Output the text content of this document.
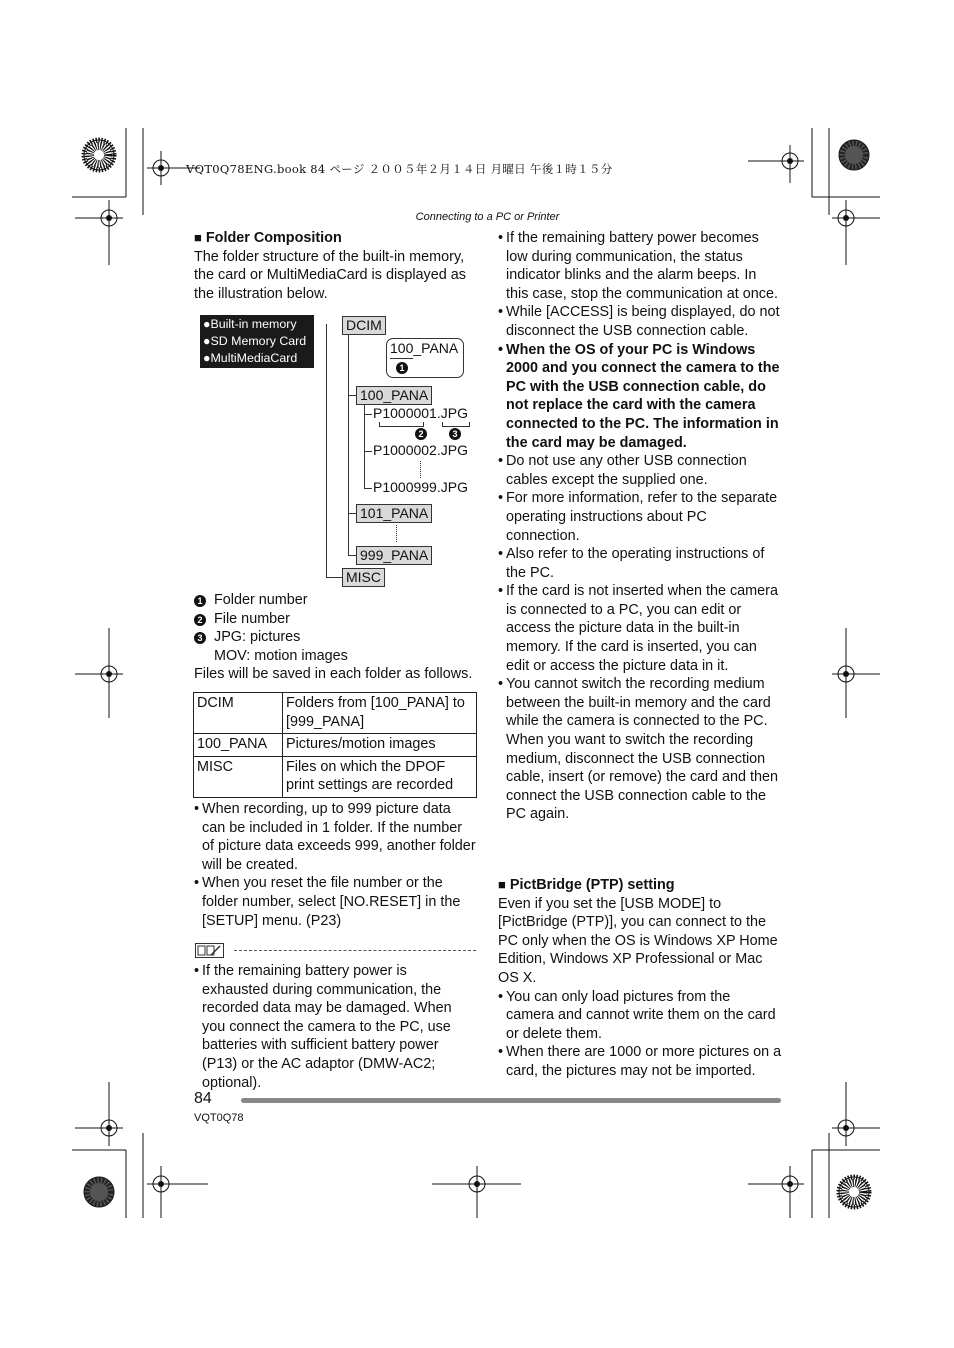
VQT0Q78ENG.book 84 ページ ２００５年２月１４日 月曜日 午後１時１５分
Connecting to a PC or Printer

■ Folder Composition

The folder structure of the built-in memory, the card or MultiMediaCard is displayed as the illustration below.

●Built-in memory
●SD Memory Card
●MultiMediaCard
DCIM
100_PANA
1
100_PANA
P1000001.JPG
2	3
P1000002.JPG
P1000999.JPG
101_PANA
999_PANA
MISC

1 Folder number

2 File number

3 JPG: pictures

MOV: motion images

Files will be saved in each folder as follows.

DCIM	Folders from [100_PANA] to [999_PANA]
100_PANA	Pictures/motion images
MISC	Files on which the DPOF print settings are recorded
• When recording, up to 999 picture data can be included in 1 folder. If the number of picture data exceeds 999, another folder will be created.
• When you reset the file number or the folder number, select [NO.RESET] in the [SETUP] menu. (P23)
• If the remaining battery power is exhausted during communication, the recorded data may be damaged. When you connect the camera to the PC, use batteries with sufficient battery power (P13) or the AC adaptor (DMW-AC2; optional).
• If the remaining battery power becomes low during communication, the status indicator blinks and the alarm beeps. In this case, stop the communication at once.
• While [ACCESS] is being displayed, do not disconnect the USB connection cable.
• When the OS of your PC is Windows 2000 and you connect the camera to the PC with the USB connection cable, do not replace the card with the camera connected to the PC. The information in the card may be damaged.
• Do not use any other USB connection cables except the supplied one.
• For more information, refer to the separate operating instructions about PC connection.
• Also refer to the operating instructions of the PC.
• If the card is not inserted when the camera is connected to a PC, you can edit or access the picture data in the built-in memory. If the card is inserted, you can edit or access the picture data in it.
• You cannot switch the recording medium between the built-in memory and the card while the camera is connected to the PC. When you want to switch the recording medium, disconnect the USB connection cable, insert (or remove) the card and then connect the USB connection cable to the PC again.

■ PictBridge (PTP) setting

Even if you set the [USB MODE] to [PictBridge (PTP)], you can connect to the PC only when the OS is Windows XP Home Edition, Windows XP Professional or Mac OS X.

• You can only load pictures from the camera and cannot write them on the card or delete them.
• When there are 1000 or more pictures on a card, the pictures may not be imported.
84
VQT0Q78
